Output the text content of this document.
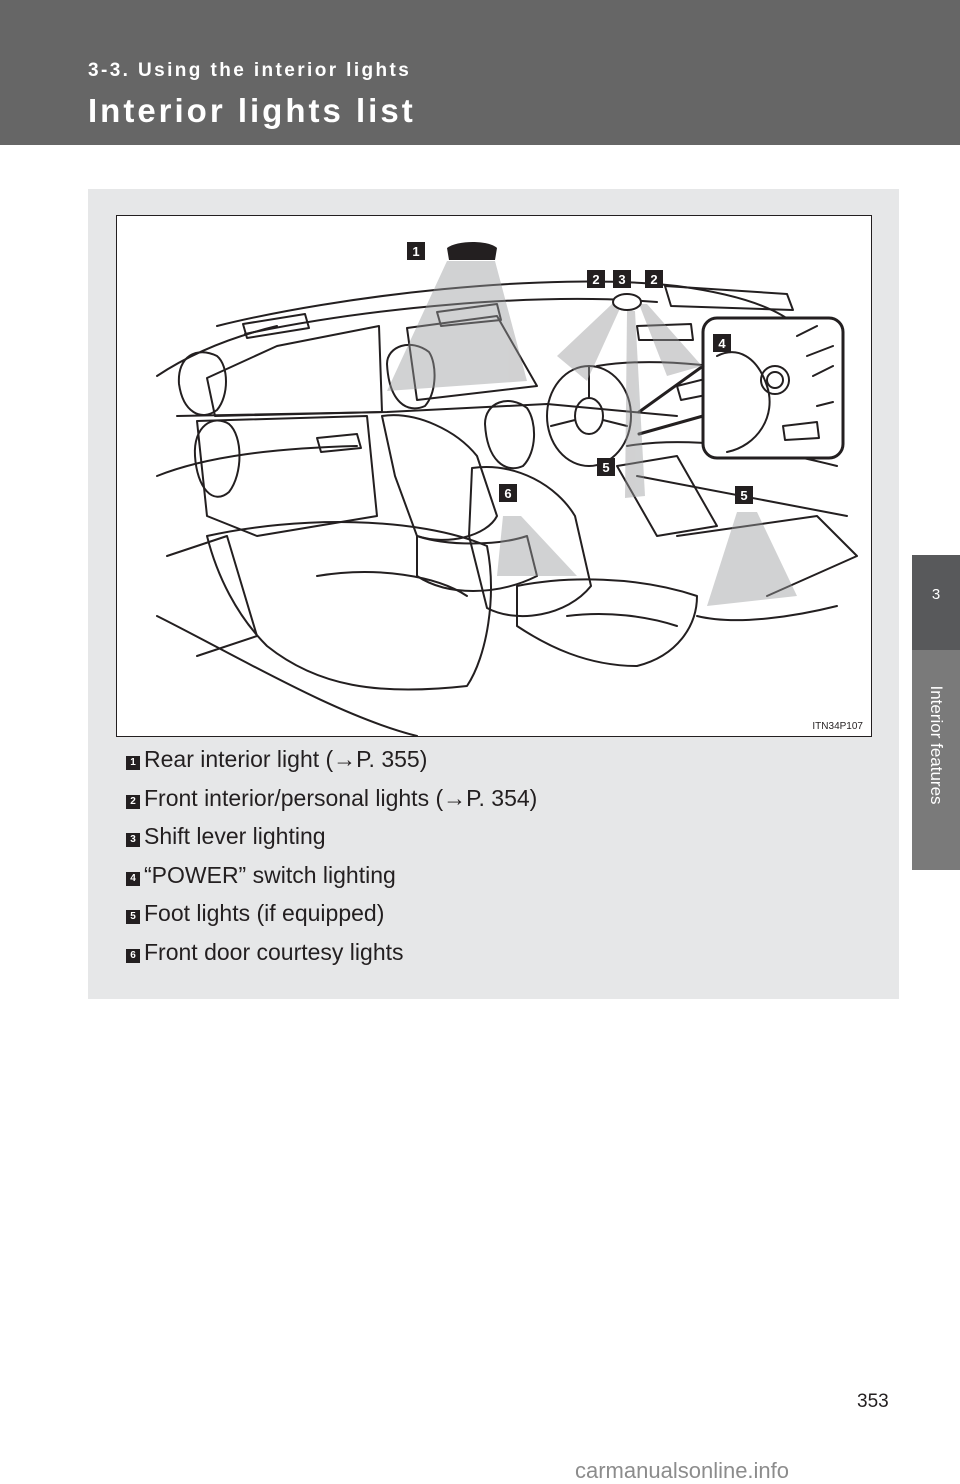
3-3. Using the interior lights

Interior lights list

3
Interior features
1
2 3 2
4
5
6	5
ITN34P107
1 Rear interior light (→P. 355)
2 Front interior/personal lights (→P. 354)
3 Shift lever lighting
4 “POWER” switch lighting
5 Foot lights (if equipped)
6 Front door courtesy lights
353
carmanualsonline.info
